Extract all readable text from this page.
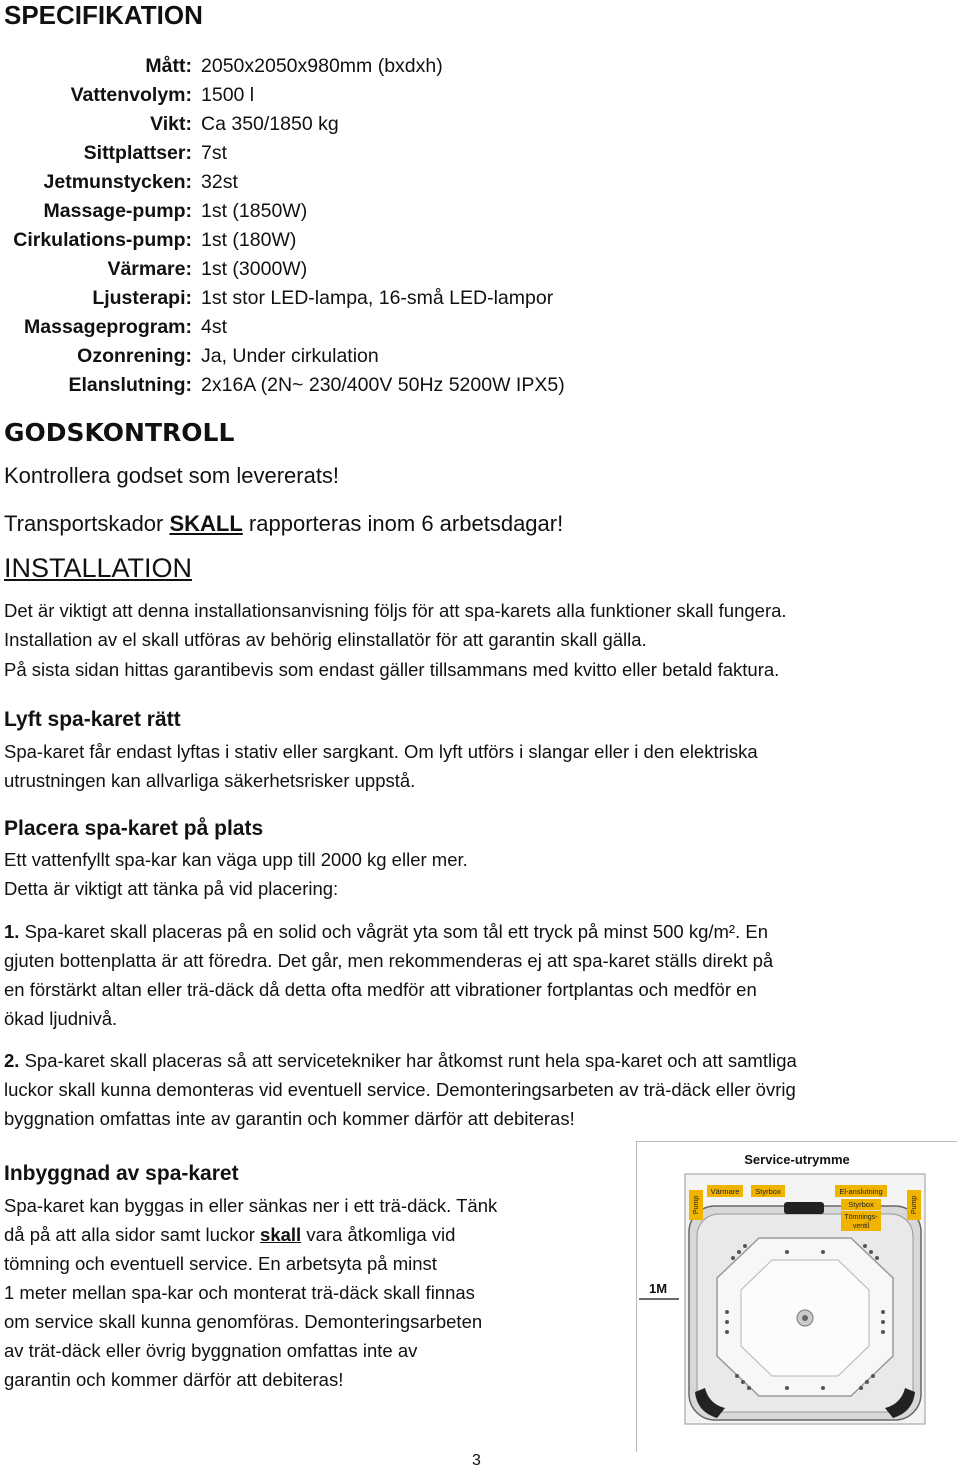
SPECIFIKATION
Mått: 2050x2050x980mm (bxdxh)
Vattenvolym: 1500 l
Vikt: Ca 350/1850 kg
Sittplattser: 7st
Jetmunstycken: 32st
Massage-pump: 1st (1850W)
Cirkulations-pump: 1st (180W)
Värmare: 1st (3000W)
Ljusterapi: 1st stor LED-lampa, 16-små LED-lampor
Massageprogram: 4st
Ozonrening: Ja, Under cirkulation
Elanslutning: 2x16A (2N~ 230/400V 50Hz 5200W IPX5)
GODSKONTROLL
Kontrollera godset som levererats!
Transportskador SKALL rapporteras inom 6 arbetsdagar!
INSTALLATION
Det är viktigt att denna installationsanvisning följs för att spa-karets alla funktioner skall fungera.
Installation av el skall utföras av behörig elinstallatör för att garantin skall gälla.
På sista sidan hittas garantibevis som endast gäller tillsammans med kvitto eller betald faktura.
Lyft spa-karet rätt
Spa-karet får endast lyftas i stativ eller sargkant. Om lyft utförs i slangar eller i den elektriska
utrustningen kan allvarliga säkerhetsrisker uppstå.
Placera spa-karet på plats
Ett vattenfyllt spa-kar kan väga upp till 2000 kg eller mer.
Detta är viktigt att tänka på vid placering:
1. Spa-karet skall placeras på en solid och vågrät yta som tål ett tryck på minst 500 kg/m². En
gjuten bottenplatta är att föredra. Det går, men rekommenderas ej att spa-karet ställs direkt på
en förstärkt altan eller trä-däck då detta ofta medför att vibrationer fortplantas och medför en
ökad ljudnivå.
2. Spa-karet skall placeras så att servicetekniker har åtkomst runt hela spa-karet och att samtliga
luckor skall kunna demonteras vid eventuell service. Demonteringsarbeten av trä-däck eller övrig
byggnation omfattas inte av garantin och kommer därför att debiteras!
Inbyggnad av spa-karet
Spa-karet kan byggas in eller sänkas ner i ett trä-däck. Tänk
då på att alla sidor samt luckor skall vara åtkomliga vid
tömning och eventuell service. En arbetsyta på minst
1 meter mellan spa-kar och monterat trä-däck skall finnas
om service skall kunna genomföras. Demonteringsarbeten
av trät-däck eller övrig byggnation omfattas inte av
garantin och kommer därför att debiteras!
Service-utrymme
1M
Pump	Pump
Värmare Styrbox	El-anslutning
Styrbox
Tömnings-
ventil
3
